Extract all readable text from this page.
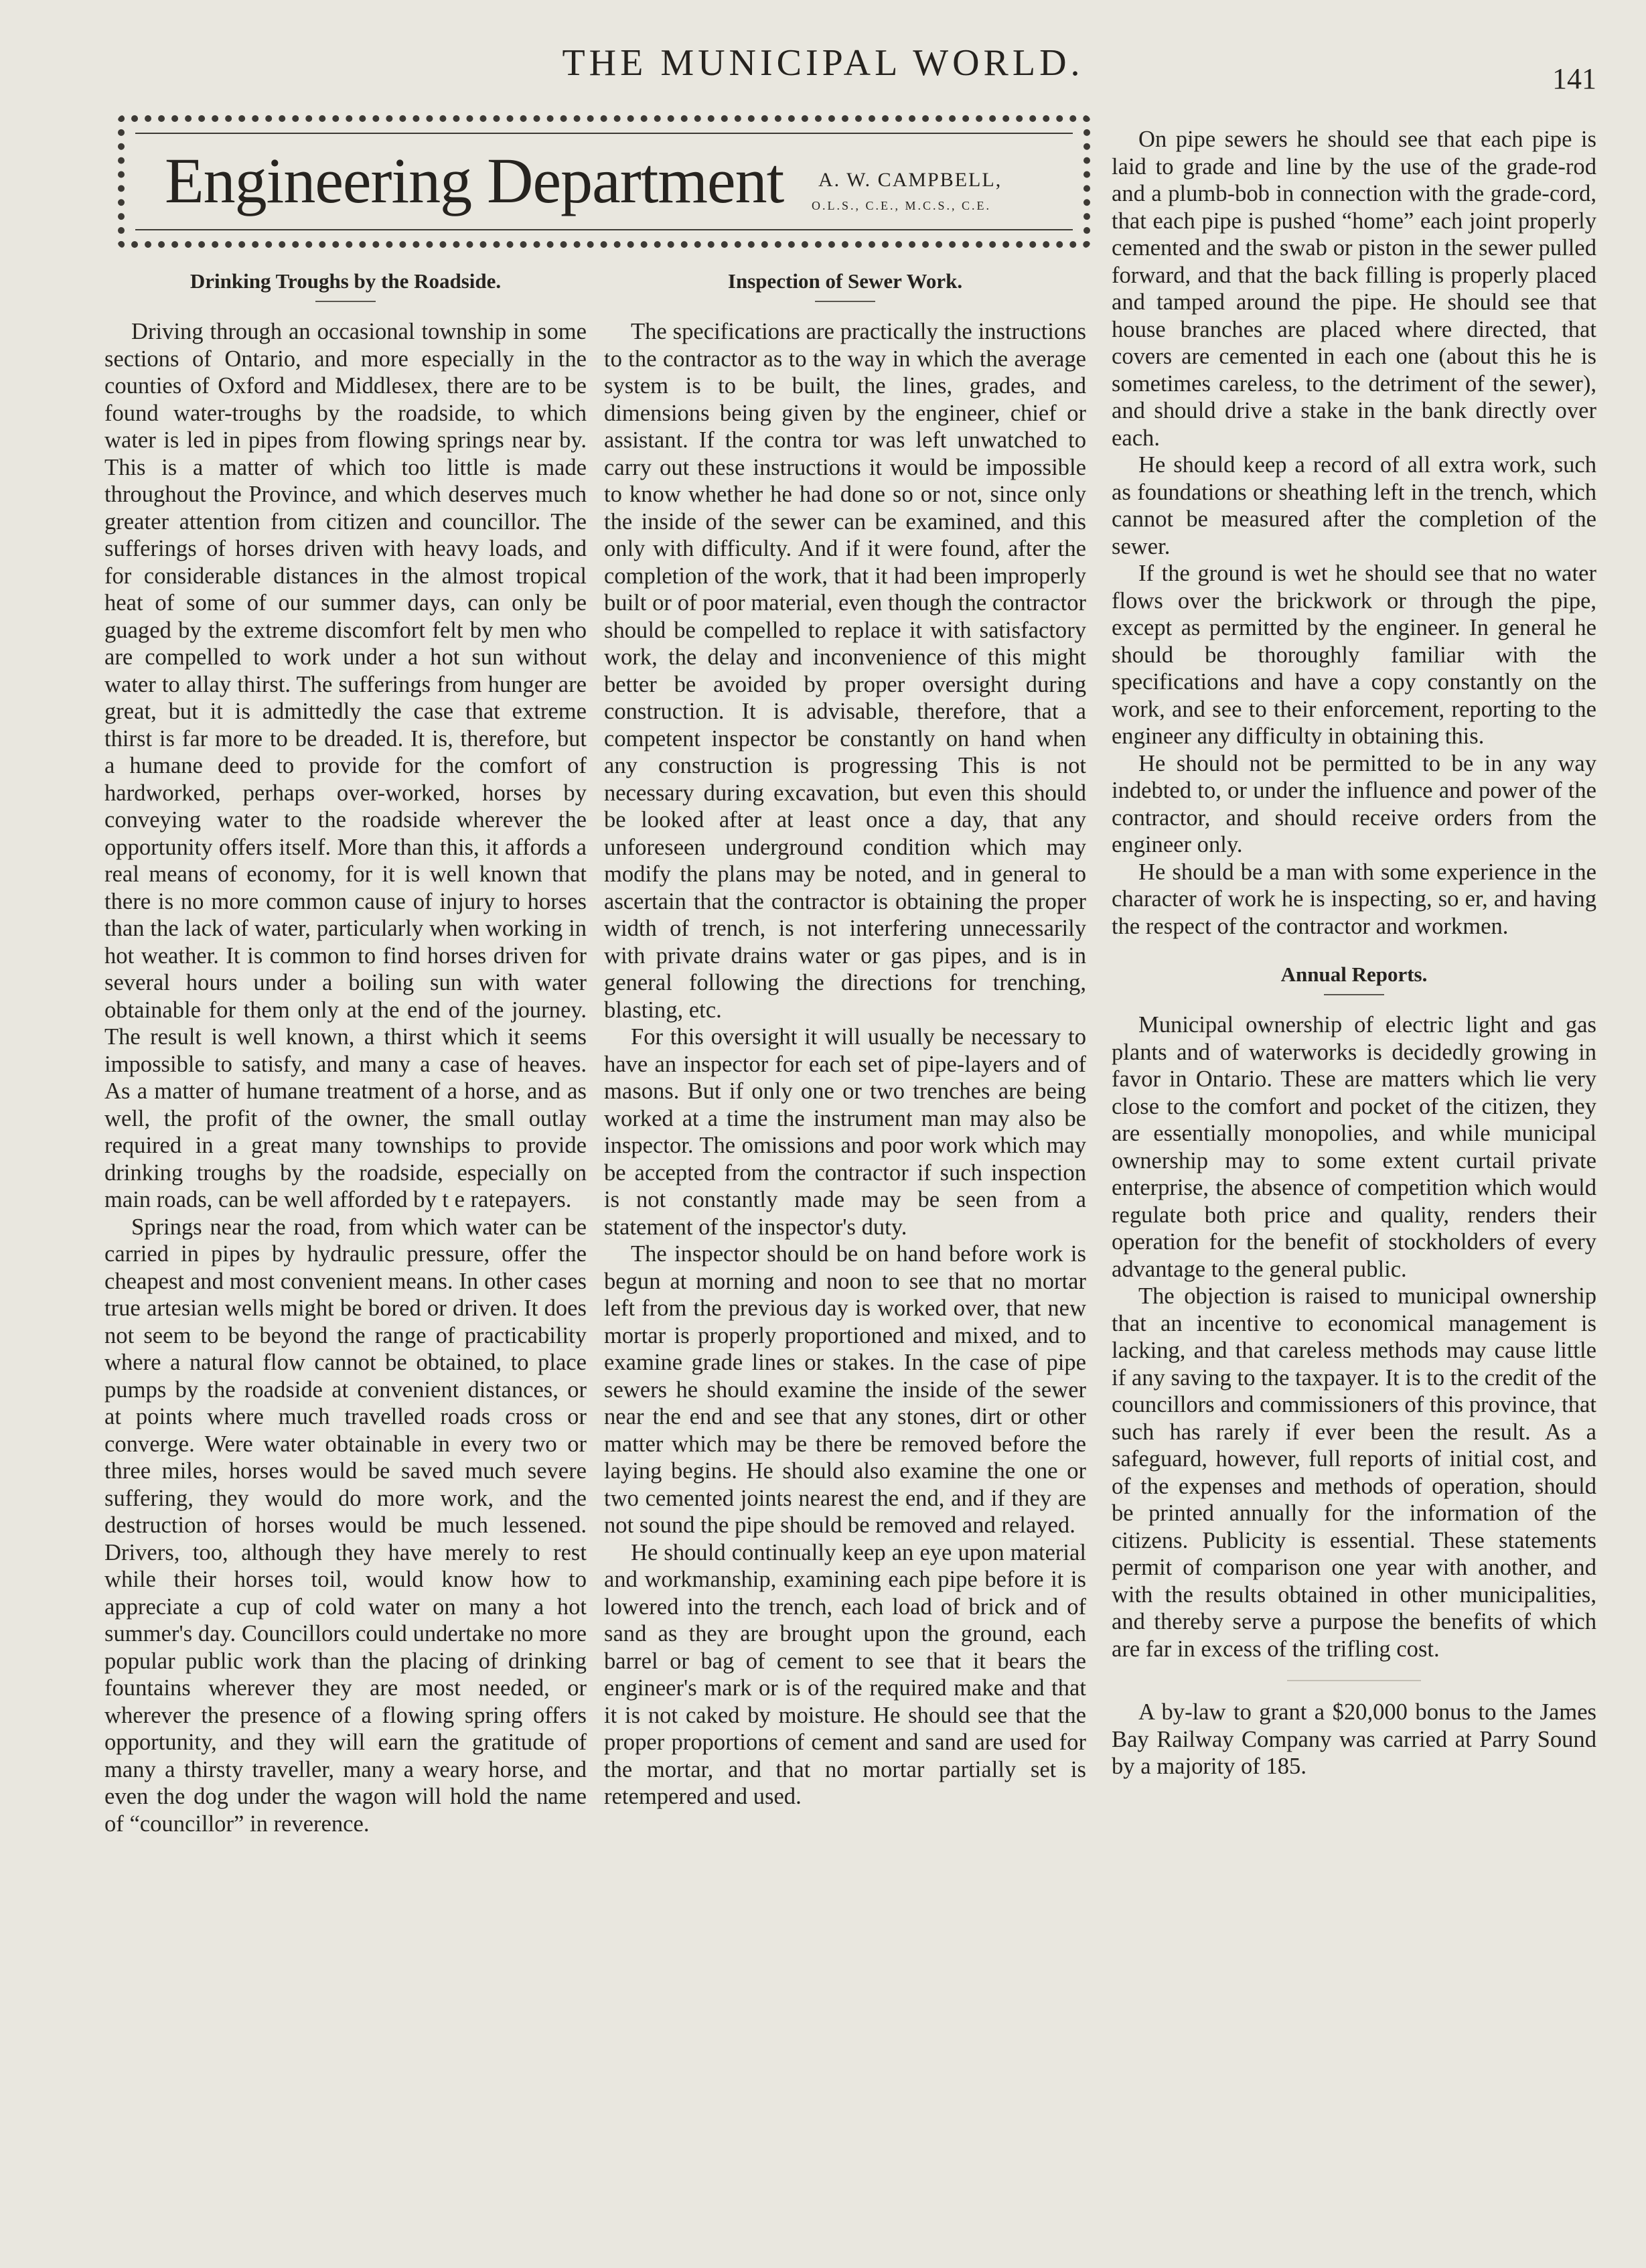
THE MUNICIPAL WORLD.	141
Engineering Department A. W. CAMPBELL,
O.L.S., C.E., M.C.S., C.E.
Drinking Troughs by the Roadside.

Driving through an occasional township in some sections of Ontario, and more especially in the counties of Oxford and Middlesex, there are to be found water-troughs by the roadside, to which water is led in pipes from flowing springs near by. This is a matter of which too little is made throughout the Province, and which deserves much greater attention from citizen and councillor. The sufferings of horses driven with heavy loads, and for considerable distances in the almost tropical heat of some of our summer days, can only be guaged by the extreme discomfort felt by men who are compelled to work under a hot sun without water to allay thirst. The sufferings from hunger are great, but it is admittedly the case that extreme thirst is far more to be dreaded. It is, therefore, but a humane deed to provide for the comfort of hardworked, perhaps over-worked, horses by conveying water to the roadside wherever the opportunity offers itself. More than this, it affords a real means of economy, for it is well known that there is no more common cause of injury to horses than the lack of water, particularly when working in hot weather. It is common to find horses driven for several hours under a boiling sun with water obtainable for them only at the end of the journey. The result is well known, a thirst which it seems impossible to satisfy, and many a case of heaves. As a matter of humane treatment of a horse, and as well, the profit of the owner, the small outlay required in a great many townships to provide drinking troughs by the roadside, especially on main roads, can be well afforded by t e ratepayers.

Springs near the road, from which water can be carried in pipes by hydraulic pressure, offer the cheapest and most convenient means. In other cases true artesian wells might be bored or driven. It does not seem to be beyond the range of practicability where a natural flow cannot be obtained, to place pumps by the roadside at convenient distances, or at points where much travelled roads cross or converge. Were water obtainable in every two or three miles, horses would be saved much severe suffering, they would do more work, and the destruction of horses would be much lessened. Drivers, too, although they have merely to rest while their horses toil, would know how to appreciate a cup of cold water on many a hot summer's day. Councillors could undertake no more popular public work than the placing of drinking fountains wherever they are most needed, or wherever the presence of a flowing spring offers opportunity, and they will earn the gratitude of many a thirsty traveller, many a weary horse, and even the dog under the wagon will hold the name of “councillor” in reverence.

Inspection of Sewer Work.

The specifications are practically the instructions to the contractor as to the way in which the average system is to be built, the lines, grades, and dimensions being given by the engineer, chief or assistant. If the contra tor was left unwatched to carry out these instructions it would be impossible to know whether he had done so or not, since only the inside of the sewer can be examined, and this only with difficulty. And if it were found, after the completion of the work, that it had been improperly built or of poor material, even though the contractor should be compelled to replace it with satisfactory work, the delay and inconvenience of this might better be avoided by proper oversight during construction. It is advisable, therefore, that a competent inspector be constantly on hand when any construction is progressing This is not necessary during excavation, but even this should be looked after at least once a day, that any unforeseen underground condition which may modify the plans may be noted, and in general to ascertain that the contractor is obtaining the proper width of trench, is not interfering unnecessarily with private drains water or gas pipes, and is in general following the directions for trenching, blasting, etc.

For this oversight it will usually be necessary to have an inspector for each set of pipe-layers and of masons. But if only one or two trenches are being worked at a time the instrument man may also be inspector. The omissions and poor work which may be accepted from the contractor if such inspection is not constantly made may be seen from a statement of the inspector's duty.

The inspector should be on hand before work is begun at morning and noon to see that no mortar left from the previous day is worked over, that new mortar is properly proportioned and mixed, and to examine grade lines or stakes. In the case of pipe sewers he should examine the inside of the sewer near the end and see that any stones, dirt or other matter which may be there be removed before the laying begins. He should also examine the one or two cemented joints nearest the end, and if they are not sound the pipe should be removed and relayed.

He should continually keep an eye upon material and workmanship, examining each pipe before it is lowered into the trench, each load of brick and of sand as they are brought upon the ground, each barrel or bag of cement to see that it bears the engineer's mark or is of the required make and that it is not caked by moisture. He should see that the proper proportions of cement and sand are used for the mortar, and that no mortar partially set is retempered and used.

On pipe sewers he should see that each pipe is laid to grade and line by the use of the grade-rod and a plumb-bob in connection with the grade-cord, that each pipe is pushed “home” each joint properly cemented and the swab or piston in the sewer pulled forward, and that the back filling is properly placed and tamped around the pipe. He should see that house branches are placed where directed, that covers are cemented in each one (about this he is sometimes careless, to the detriment of the sewer), and should drive a stake in the bank directly over each.

He should keep a record of all extra work, such as foundations or sheathing left in the trench, which cannot be measured after the completion of the sewer.

If the ground is wet he should see that no water flows over the brickwork or through the pipe, except as permitted by the engineer. In general he should be thoroughly familiar with the specifications and have a copy constantly on the work, and see to their enforcement, reporting to the engineer any difficulty in obtaining this.

He should not be permitted to be in any way indebted to, or under the influence and power of the contractor, and should receive orders from the engineer only.

He should be a man with some experience in the character of work he is inspecting, so er, and having the respect of the contractor and workmen.

Annual Reports.

Municipal ownership of electric light and gas plants and of waterworks is decidedly growing in favor in Ontario. These are matters which lie very close to the comfort and pocket of the citizen, they are essentially monopolies, and while municipal ownership may to some extent curtail private enterprise, the absence of competition which would regulate both price and quality, renders their operation for the benefit of stockholders of every advantage to the general public.

The objection is raised to municipal ownership that an incentive to economical management is lacking, and that careless methods may cause little if any saving to the taxpayer. It is to the credit of the councillors and commissioners of this province, that such has rarely if ever been the result. As a safeguard, however, full reports of initial cost, and of the expenses and methods of operation, should be printed annually for the information of the citizens. Publicity is essential. These statements permit of comparison one year with another, and with the results obtained in other municipalities, and thereby serve a purpose the benefits of which are far in excess of the trifling cost.

A by-law to grant a $20,000 bonus to the James Bay Railway Company was carried at Parry Sound by a majority of 185.
